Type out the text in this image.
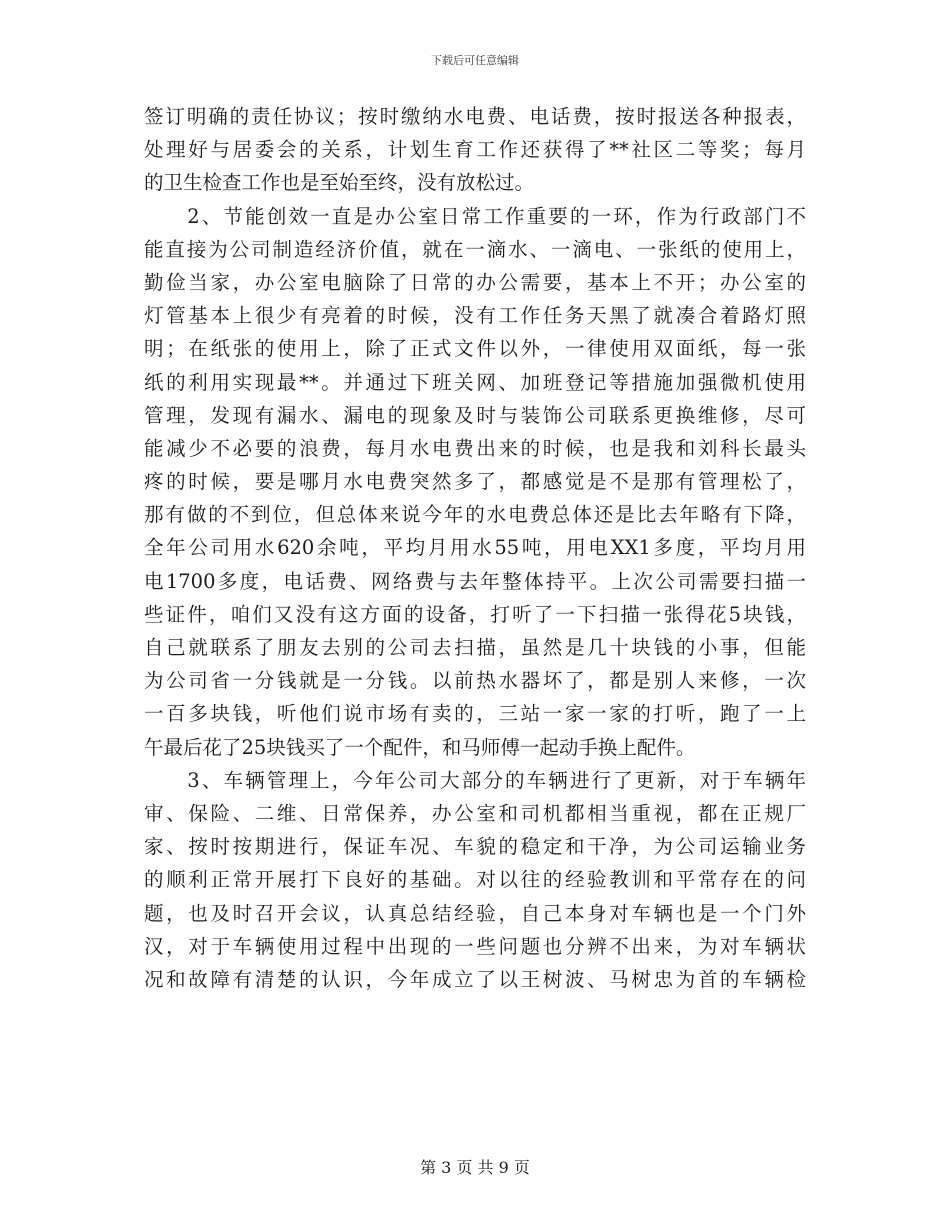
下载后可任意编辑
签订明确的责任协议；按时缴纳水电费、电话费，按时报送各种报表，
处理好与居委会的关系，计划生育工作还获得了**社区二等奖；每月
的卫生检查工作也是至始至终，没有放松过。
　　2、节能创效一直是办公室日常工作重要的一环，作为行政部门不
能直接为公司制造经济价值，就在一滴水、一滴电、一张纸的使用上，
勤俭当家，办公室电脑除了日常的办公需要，基本上不开；办公室的
灯管基本上很少有亮着的时候，没有工作任务天黑了就凑合着路灯照
明；在纸张的使用上，除了正式文件以外，一律使用双面纸，每一张
纸的利用实现最**。并通过下班关网、加班登记等措施加强微机使用
管理，发现有漏水、漏电的现象及时与装饰公司联系更换维修，尽可
能减少不必要的浪费，每月水电费出来的时候，也是我和刘科长最头
疼的时候，要是哪月水电费突然多了，都感觉是不是那有管理松了，
那有做的不到位，但总体来说今年的水电费总体还是比去年略有下降，
全年公司用水620余吨，平均月用水55吨，用电XX1多度，平均月用
电1700多度，电话费、网络费与去年整体持平。上次公司需要扫描一
些证件，咱们又没有这方面的设备，打听了一下扫描一张得花5块钱，
自己就联系了朋友去别的公司去扫描，虽然是几十块钱的小事，但能
为公司省一分钱就是一分钱。以前热水器坏了，都是别人来修，一次
一百多块钱，听他们说市场有卖的，三站一家一家的打听，跑了一上
午最后花了25块钱买了一个配件，和马师傅一起动手换上配件。
　　3、车辆管理上，今年公司大部分的车辆进行了更新，对于车辆年
审、保险、二维、日常保养，办公室和司机都相当重视，都在正规厂
家、按时按期进行，保证车况、车貌的稳定和干净，为公司运输业务
的顺利正常开展打下良好的基础。对以往的经验教训和平常存在的问
题，也及时召开会议，认真总结经验，自己本身对车辆也是一个门外
汉，对于车辆使用过程中出现的一些问题也分辨不出来，为对车辆状
况和故障有清楚的认识，今年成立了以王树波、马树忠为首的车辆检
第 3 页 共 9 页
